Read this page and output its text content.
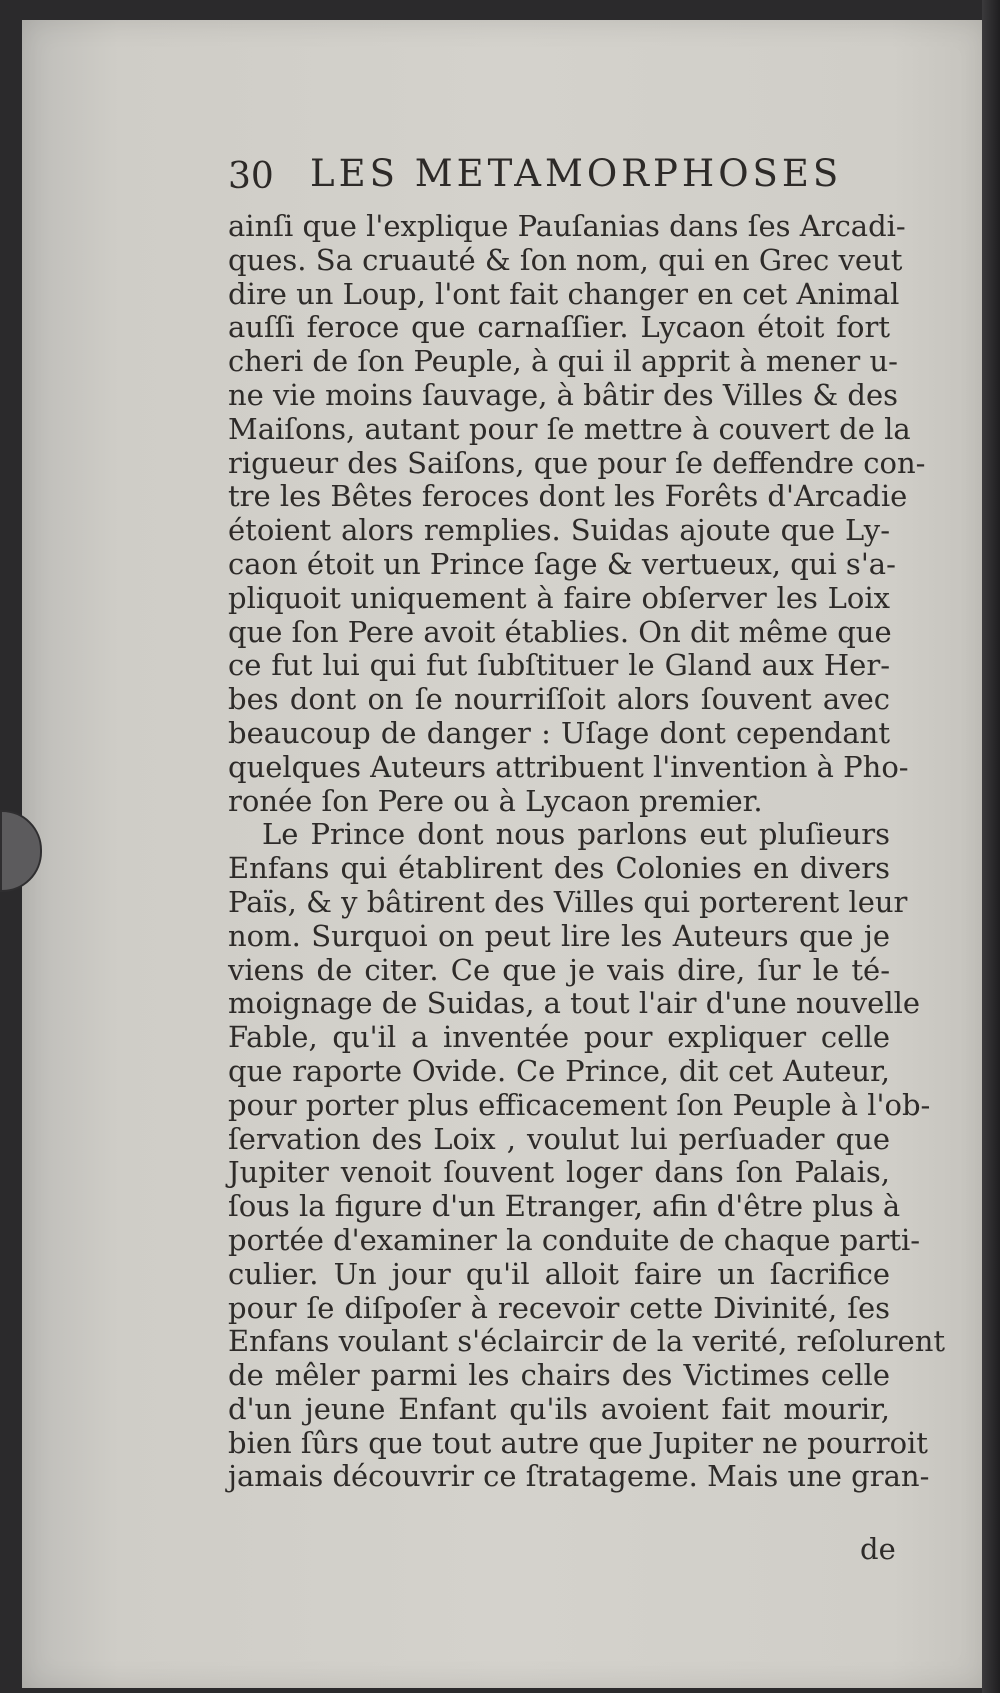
30 LES METAMORPHOSES
ainſi que l'explique Pauſanias dans ſes Arcadi-
ques. Sa cruauté & ſon nom, qui en Grec veut
dire un Loup, l'ont fait changer en cet Animal
auſſi feroce que carnaſſier. Lycaon étoit fort
cheri de ſon Peuple, à qui il apprit à mener u-
ne vie moins ſauvage, à bâtir des Villes & des
Maiſons, autant pour ſe mettre à couvert de la
rigueur des Saiſons, que pour ſe deffendre con-
tre les Bêtes feroces dont les Forêts d'Arcadie
étoient alors remplies. Suidas ajoute que Ly-
caon étoit un Prince ſage & vertueux, qui s'a-
pliquoit uniquement à faire obſerver les Loix
que ſon Pere avoit établies. On dit même que
ce fut lui qui fut ſubſtituer le Gland aux Her-
bes dont on ſe nourriſſoit alors ſouvent avec
beaucoup de danger : Uſage dont cependant
quelques Auteurs attribuent l'invention à Pho-
ronée ſon Pere ou à Lycaon premier.
Le Prince dont nous parlons eut pluſieurs
Enfans qui établirent des Colonies en divers
Païs, & y bâtirent des Villes qui porterent leur
nom. Surquoi on peut lire les Auteurs que je
viens de citer. Ce que je vais dire, ſur le té-
moignage de Suidas, a tout l'air d'une nouvelle
Fable, qu'il a inventée pour expliquer celle
que raporte Ovide. Ce Prince, dit cet Auteur,
pour porter plus efficacement ſon Peuple à l'ob-
ſervation des Loix , voulut lui perſuader que
Jupiter venoit ſouvent loger dans ſon Palais,
ſous la figure d'un Etranger, afin d'être plus à
portée d'examiner la conduite de chaque parti-
culier. Un jour qu'il alloit faire un ſacrifice
pour ſe diſpoſer à recevoir cette Divinité, ſes
Enfans voulant s'éclaircir de la verité, reſolurent
de mêler parmi les chairs des Victimes celle
d'un jeune Enfant qu'ils avoient fait mourir,
bien ſûrs que tout autre que Jupiter ne pourroit
jamais découvrir ce ſtratageme. Mais une gran-
de
